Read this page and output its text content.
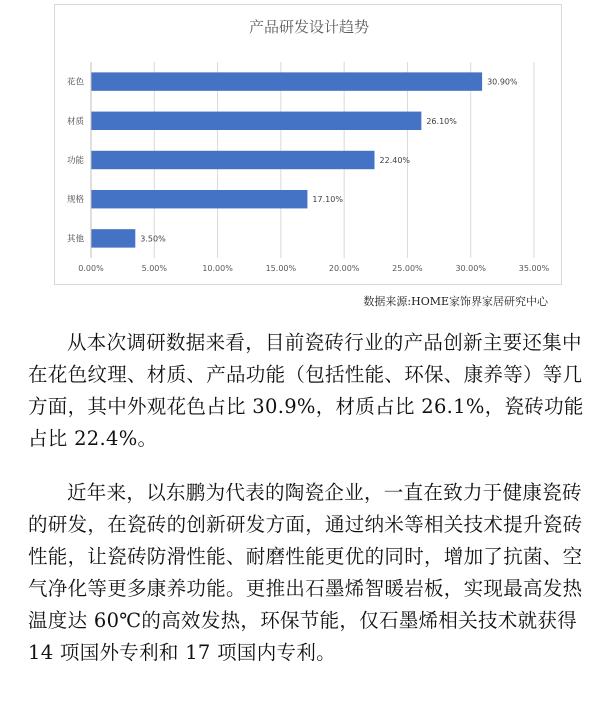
产品研发设计趋势
0.00%	5.00%	10.00%	15.00%	20.00%	25.00%	30.00%	35.00%
花色	30.90%
材质	26.10%
功能	22.40%
规格	17.10%
其他	3.50%
数据来源:HOME家饰界家居研究中心

从本次调研数据来看，目前瓷砖行业的产品创新主要还集中在花色纹理、材质、产品功能（包括性能、环保、康养等）等几方面，其中外观花色占比 30.9%，材质占比 26.1%，瓷砖功能占比 22.4%。

近年来，以东鹏为代表的陶瓷企业，一直在致力于健康瓷砖的研发，在瓷砖的创新研发方面，通过纳米等相关技术提升瓷砖性能，让瓷砖防滑性能、耐磨性能更优的同时，增加了抗菌、空气净化等更多康养功能。更推出石墨烯智暖岩板，实现最高发热温度达 60℃的高效发热，环保节能，仅石墨烯相关技术就获得 14 项国外专利和 17 项国内专利。
